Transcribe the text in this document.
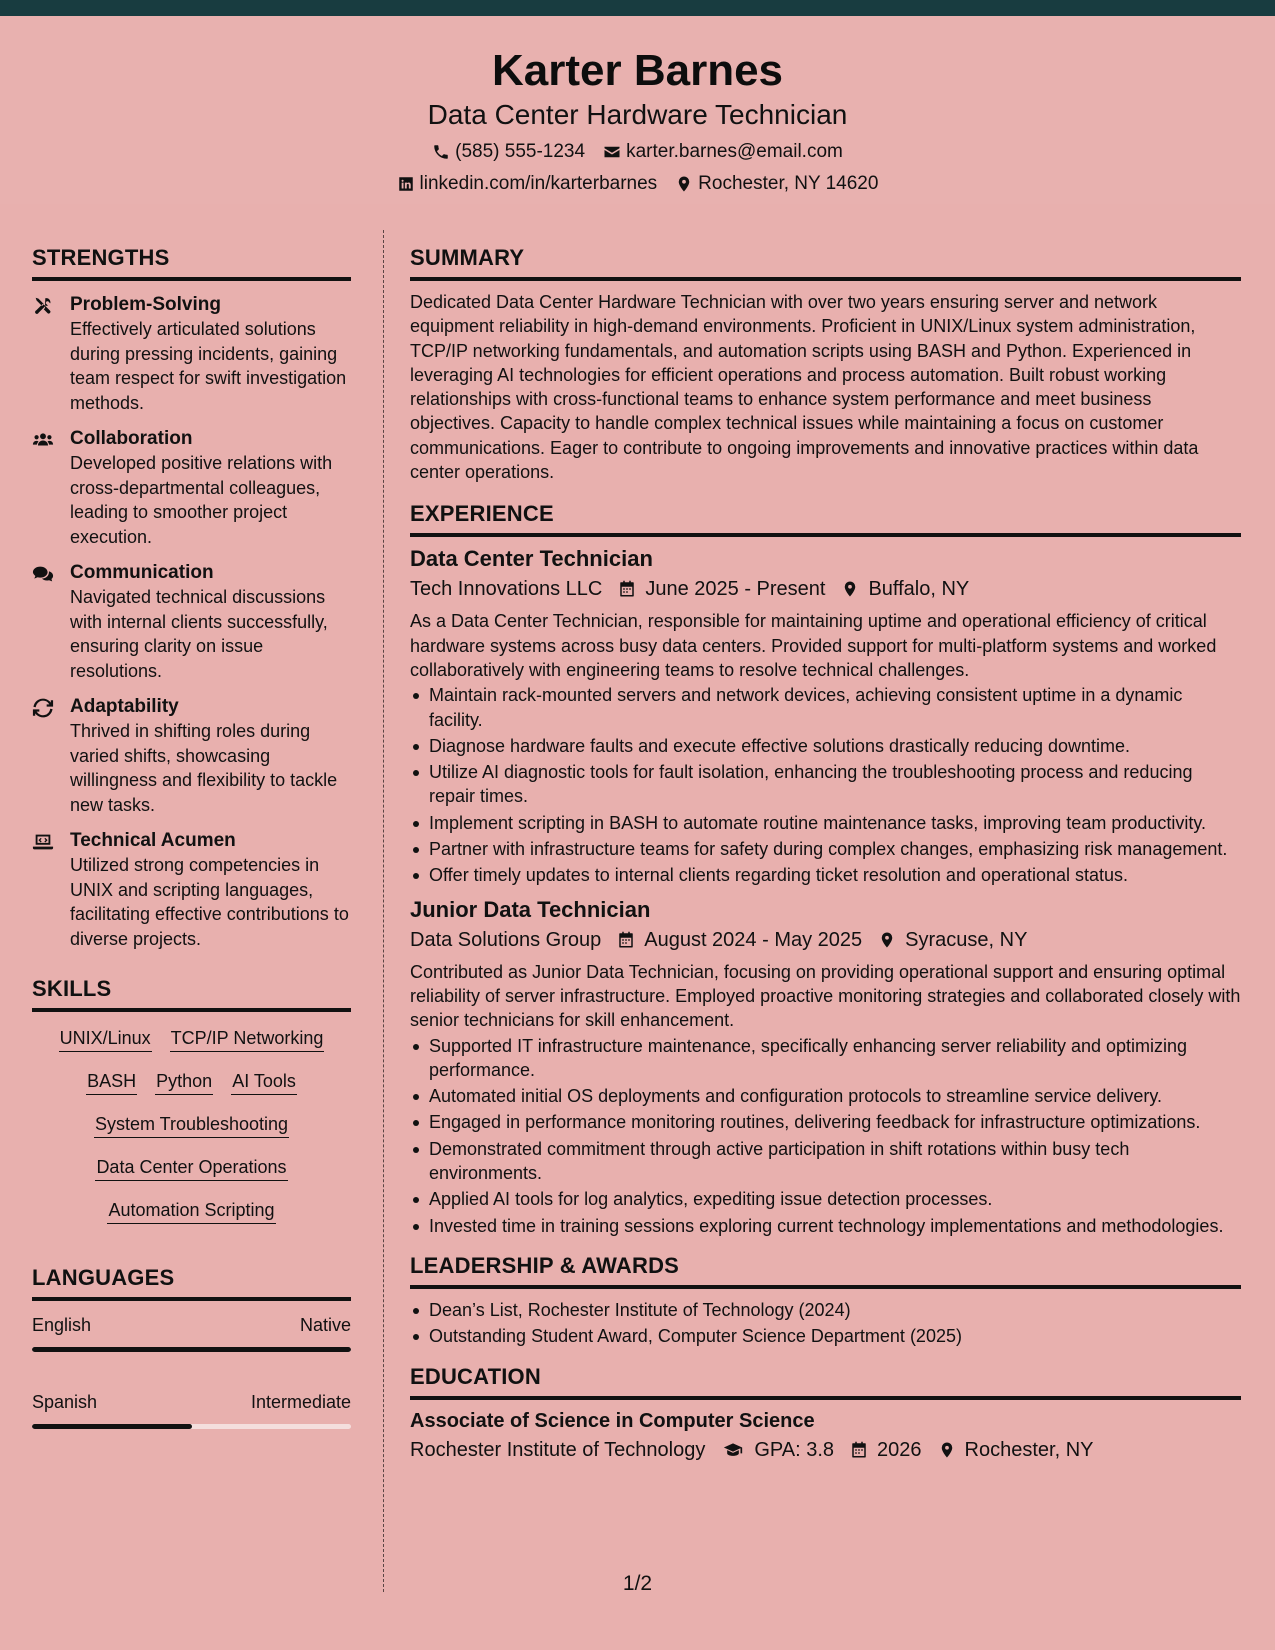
Karter Barnes
Data Center Hardware Technician
(585) 555-1234 karter.barnes@email.com
linkedin.com/in/karterbarnes Rochester, NY 14620
STRENGTHS
Problem-Solving
Effectively articulated solutions during pressing incidents, gaining team respect for swift investigation methods.
Collaboration
Developed positive relations with cross-departmental colleagues, leading to smoother project execution.
Communication
Navigated technical discussions with internal clients successfully, ensuring clarity on issue resolutions.
Adaptability
Thrived in shifting roles during varied shifts, showcasing willingness and flexibility to tackle new tasks.
Technical Acumen
Utilized strong competencies in UNIX and scripting languages, facilitating effective contributions to diverse projects.
SKILLS
UNIX/Linux TCP/IP Networking
BASH Python AI Tools
System Troubleshooting
Data Center Operations
Automation Scripting
LANGUAGES
English	Native
Spanish	Intermediate
SUMMARY
Dedicated Data Center Hardware Technician with over two years ensuring server and network equipment reliability in high-demand environments. Proficient in UNIX/Linux system administration, TCP/IP networking fundamentals, and automation scripts using BASH and Python. Experienced in leveraging AI technologies for efficient operations and process automation. Built robust working relationships with cross-functional teams to enhance system performance and meet business objectives. Capacity to handle complex technical issues while maintaining a focus on customer communications. Eager to contribute to ongoing improvements and innovative practices within data center operations.
EXPERIENCE
Data Center Technician
Tech Innovations LLC June 2025 - Present Buffalo, NY
As a Data Center Technician, responsible for maintaining uptime and operational efficiency of critical hardware systems across busy data centers. Provided support for multi-platform systems and worked collaboratively with engineering teams to resolve technical challenges.
Maintain rack-mounted servers and network devices, achieving consistent uptime in a dynamic facility.
Diagnose hardware faults and execute effective solutions drastically reducing downtime.
Utilize AI diagnostic tools for fault isolation, enhancing the troubleshooting process and reducing repair times.
Implement scripting in BASH to automate routine maintenance tasks, improving team productivity.
Partner with infrastructure teams for safety during complex changes, emphasizing risk management.
Offer timely updates to internal clients regarding ticket resolution and operational status.
Junior Data Technician
Data Solutions Group August 2024 - May 2025 Syracuse, NY
Contributed as Junior Data Technician, focusing on providing operational support and ensuring optimal reliability of server infrastructure. Employed proactive monitoring strategies and collaborated closely with senior technicians for skill enhancement.
Supported IT infrastructure maintenance, specifically enhancing server reliability and optimizing performance.
Automated initial OS deployments and configuration protocols to streamline service delivery.
Engaged in performance monitoring routines, delivering feedback for infrastructure optimizations.
Demonstrated commitment through active participation in shift rotations within busy tech environments.
Applied AI tools for log analytics, expediting issue detection processes.
Invested time in training sessions exploring current technology implementations and methodologies.
LEADERSHIP & AWARDS
Dean’s List, Rochester Institute of Technology (2024)
Outstanding Student Award, Computer Science Department (2025)
EDUCATION
Associate of Science in Computer Science
Rochester Institute of Technology GPA: 3.8 2026 Rochester, NY
1/2
